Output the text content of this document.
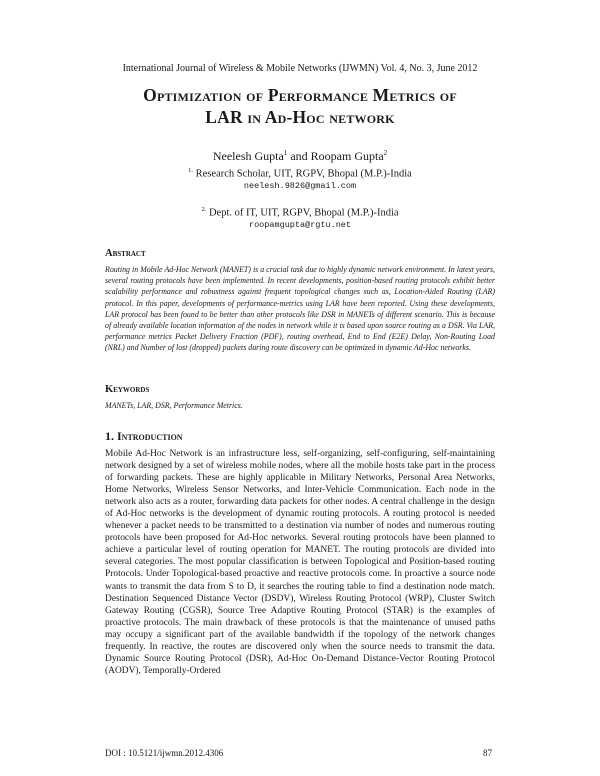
International Journal of Wireless & Mobile Networks (IJWMN) Vol. 4, No. 3, June 2012
Optimization of Performance Metrics of
LAR in Ad-Hoc network
Neelesh Gupta$^1$ and Roopam Gupta$^2$
$^{1.}$ Research Scholar, UIT, RGPV, Bhopal (M.P.)-India
neelesh.9826@gmail.com
$^{2.}$ Dept. of IT, UIT, RGPV, Bhopal (M.P.)-India
roopamgupta@rgtu.net
Abstract
Routing in Mobile Ad-Hoc Network (MANET) is a crucial task due to highly dynamic network environment. In latest years, several routing protocols have been implemented. In recent developments, position-based routing protocols exhibit better scalability performance and robustness against frequent topological changes such as, Location-Aided Routing (LAR) protocol. In this paper, developments of performance-metrics using LAR have been reported. Using these developments, LAR protocol has been found to be better than other protocols like DSR in MANETs of different scenario. This is because of already available location information of the nodes in network while it is based upon source routing as a DSR. Via LAR, performance metrics Packet Delivery Fraction (PDF), routing overhead, End to End (E2E) Delay, Non-Routing Load (NRL) and Number of lost (dropped) packets during route discovery can be optimized in dynamic Ad-Hoc networks.
Keywords
MANETs, LAR, DSR, Performance Metrics.
1. Introduction
Mobile Ad-Hoc Network is an infrastructure less, self-organizing, self-configuring, self-maintaining network designed by a set of wireless mobile nodes, where all the mobile hosts take part in the process of forwarding packets. These are highly applicable in Military Networks, Personal Area Networks, Home Networks, Wireless Sensor Networks, and Inter-Vehicle Communication. Each node in the network also acts as a router, forwarding data packets for other nodes. A central challenge in the design of Ad-Hoc networks is the development of dynamic routing protocols. A routing protocol is needed whenever a packet needs to be transmitted to a destination via number of nodes and numerous routing protocols have been proposed for Ad-Hoc networks. Several routing protocols have been planned to achieve a particular level of routing operation for MANET. The routing protocols are divided into several categories. The most popular classification is between Topological and Position-based routing Protocols. Under Topological-based proactive and reactive protocols come. In proactive a source node wants to transmit the data from S to D, it searches the routing table to find a destination node match. Destination Sequenced Distance Vector (DSDV), Wireless Routing Protocol (WRP), Cluster Switch Gateway Routing (CGSR), Source Tree Adaptive Routing Protocol (STAR) is the examples of proactive protocols. The main drawback of these protocols is that the maintenance of unused paths may occupy a significant part of the available bandwidth if the topology of the network changes frequently. In reactive, the routes are discovered only when the source needs to transmit the data. Dynamic Source Routing Protocol (DSR), Ad-Hoc On-Demand Distance-Vector Routing Protocol (AODV), Temporally-Ordered
DOI : 10.5121/ijwmn.2012.4306	87
